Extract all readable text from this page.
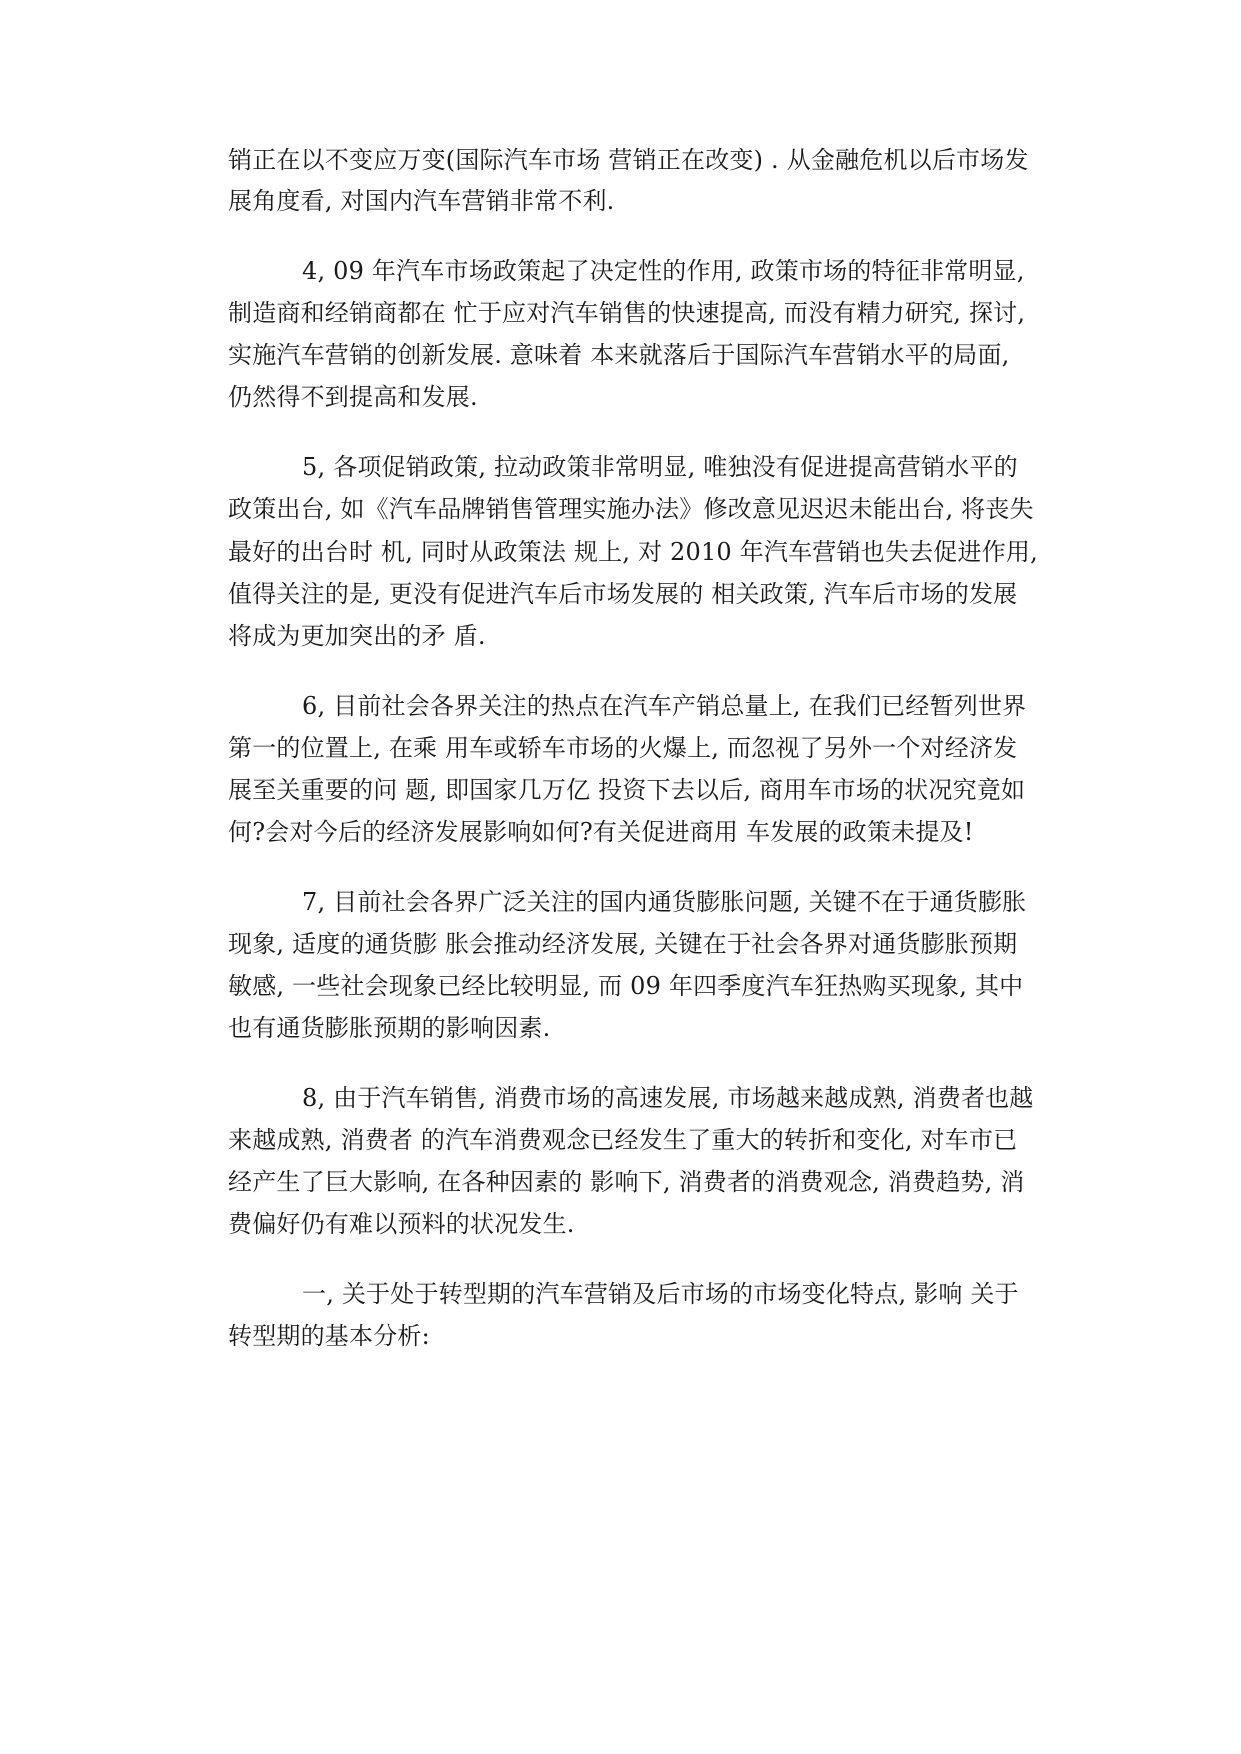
销正在以不变应万变(国际汽车市场 营销正在改变) . 从金融危机以后市场发
展角度看, 对国内汽车营销非常不利.
4, 09 年汽车市场政策起了决定性的作用, 政策市场的特征非常明显,
制造商和经销商都在 忙于应对汽车销售的快速提高, 而没有精力研究, 探讨,
实施汽车营销的创新发展. 意味着 本来就落后于国际汽车营销水平的局面,
仍然得不到提高和发展.
5, 各项促销政策, 拉动政策非常明显, 唯独没有促进提高营销水平的
政策出台, 如《汽车品牌销售管理实施办法》修改意见迟迟未能出台, 将丧失
最好的出台时 机, 同时从政策法 规上, 对 2010 年汽车营销也失去促进作用,
值得关注的是, 更没有促进汽车后市场发展的 相关政策, 汽车后市场的发展
将成为更加突出的矛 盾.
6, 目前社会各界关注的热点在汽车产销总量上, 在我们已经暂列世界
第一的位置上, 在乘 用车或轿车市场的火爆上, 而忽视了另外一个对经济发
展至关重要的问 题, 即国家几万亿 投资下去以后, 商用车市场的状况究竟如
何?会对今后的经济发展影响如何?有关促进商用 车发展的政策未提及!
7, 目前社会各界广泛关注的国内通货膨胀问题, 关键不在于通货膨胀
现象, 适度的通货膨 胀会推动经济发展, 关键在于社会各界对通货膨胀预期
敏感, 一些社会现象已经比较明显, 而 09 年四季度汽车狂热购买现象, 其中
也有通货膨胀预期的影响因素.
8, 由于汽车销售, 消费市场的高速发展, 市场越来越成熟, 消费者也越
来越成熟, 消费者 的汽车消费观念已经发生了重大的转折和变化, 对车市已
经产生了巨大影响, 在各种因素的 影响下, 消费者的消费观念, 消费趋势, 消
费偏好仍有难以预料的状况发生.
一, 关于处于转型期的汽车营销及后市场的市场变化特点, 影响 关于
转型期的基本分析:
